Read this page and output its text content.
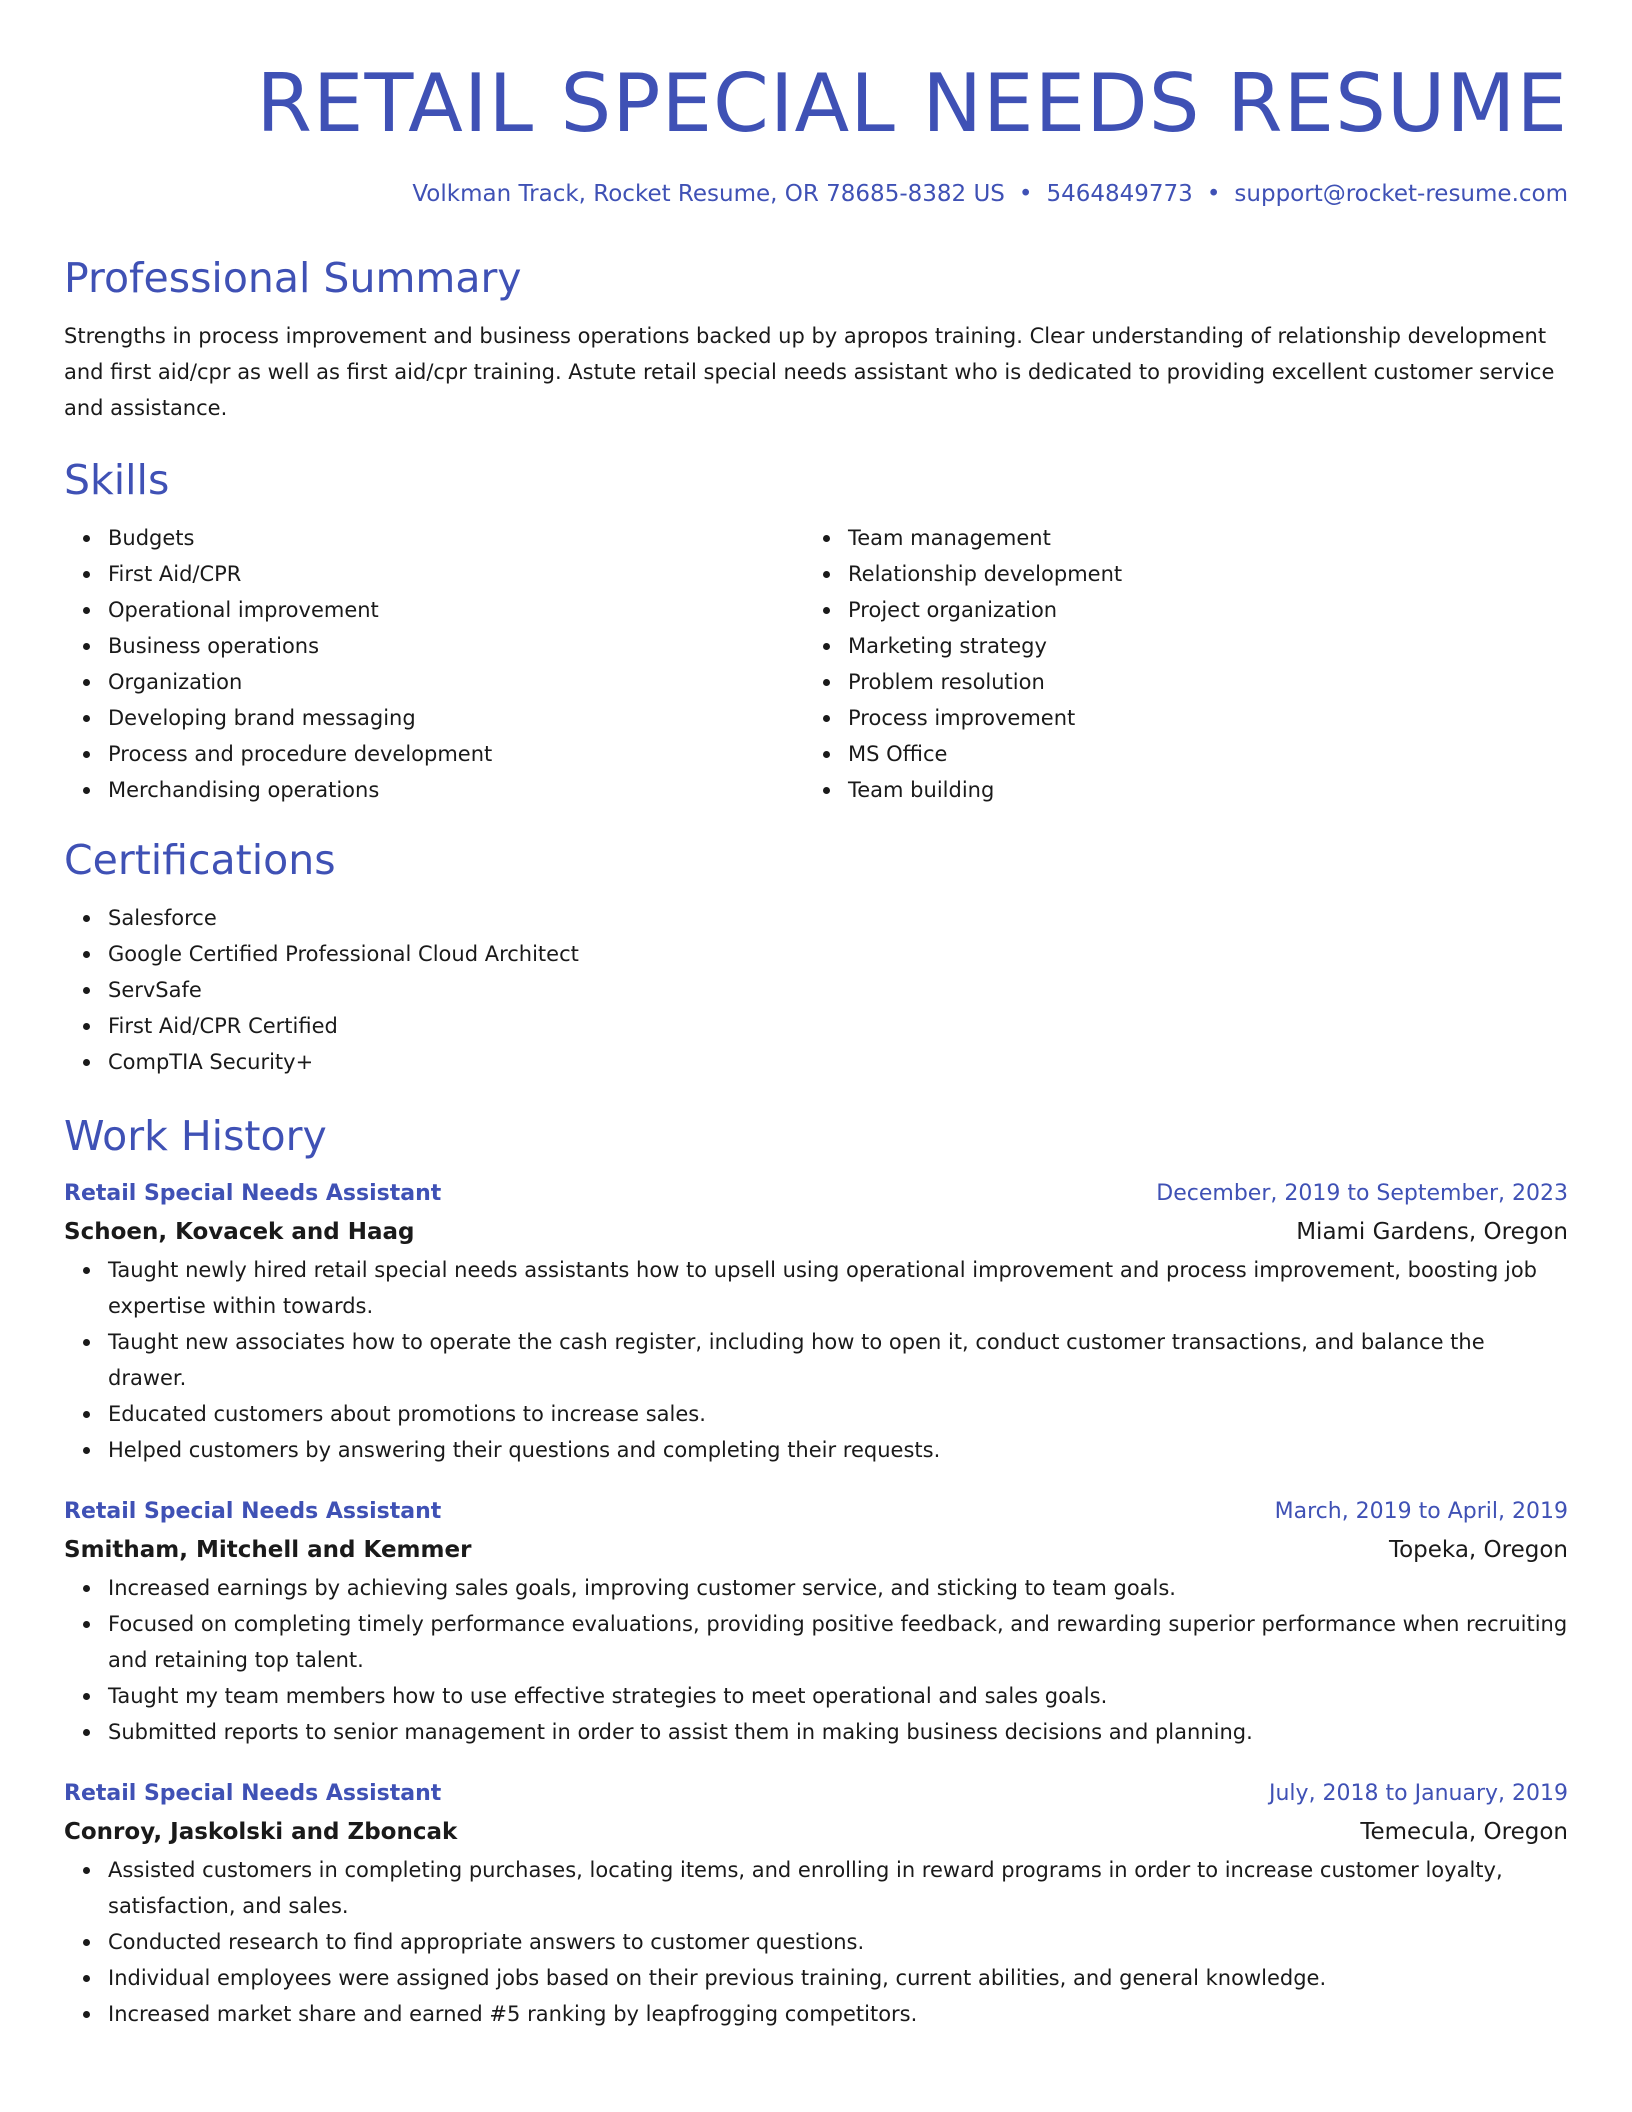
RETAIL SPECIAL NEEDS RESUME
Volkman Track, Rocket Resume, OR 78685-8382 US • 5464849773 • support@rocket-resume.com
Professional Summary

Strengths in process improvement and business operations backed up by apropos training. Clear understanding of relationship development and first aid/cpr as well as first aid/cpr training. Astute retail special needs assistant who is dedicated to providing excellent customer service and assistance.

Skills
Budgets
First Aid/CPR
Operational improvement
Business operations
Organization
Developing brand messaging
Process and procedure development
Merchandising operations
Team management
Relationship development
Project organization
Marketing strategy
Problem resolution
Process improvement
MS Office
Team building
Certifications
Salesforce
Google Certified Professional Cloud Architect
ServSafe
First Aid/CPR Certified
CompTIA Security+
Work History
Retail Special Needs Assistant	December, 2019 to September, 2023
Schoen, Kovacek and Haag	Miami Gardens, Oregon
Taught newly hired retail special needs assistants how to upsell using operational improvement and process improvement, boosting job expertise within towards.
Taught new associates how to operate the cash register, including how to open it, conduct customer transactions, and balance the drawer.
Educated customers about promotions to increase sales.
Helped customers by answering their questions and completing their requests.
Retail Special Needs Assistant	March, 2019 to April, 2019
Smitham, Mitchell and Kemmer	Topeka, Oregon
Increased earnings by achieving sales goals, improving customer service, and sticking to team goals.
Focused on completing timely performance evaluations, providing positive feedback, and rewarding superior performance when recruiting and retaining top talent.
Taught my team members how to use effective strategies to meet operational and sales goals.
Submitted reports to senior management in order to assist them in making business decisions and planning.
Retail Special Needs Assistant	July, 2018 to January, 2019
Conroy, Jaskolski and Zboncak	Temecula, Oregon
Assisted customers in completing purchases, locating items, and enrolling in reward programs in order to increase customer loyalty, satisfaction, and sales.
Conducted research to find appropriate answers to customer questions.
Individual employees were assigned jobs based on their previous training, current abilities, and general knowledge.
Increased market share and earned #5 ranking by leapfrogging competitors.
